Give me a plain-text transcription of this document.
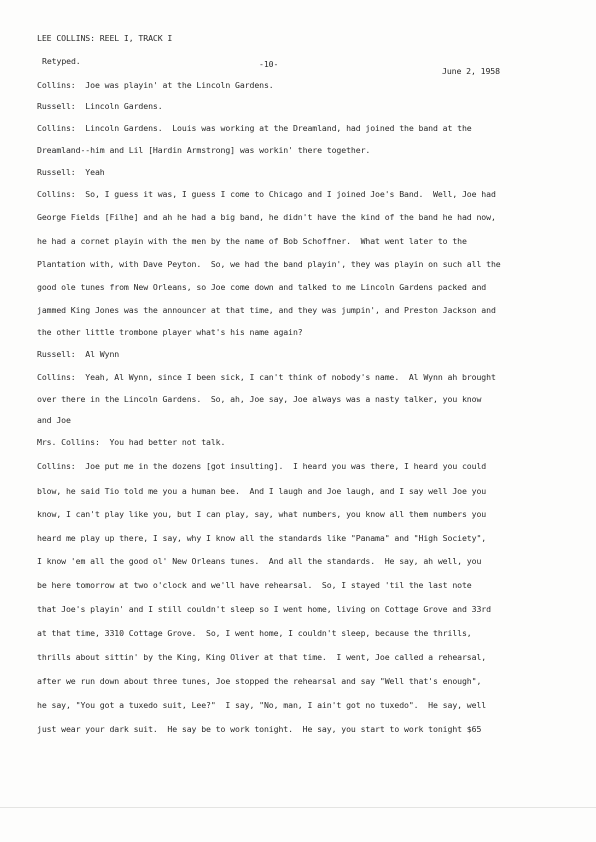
LEE COLLINS: REEL I, TRACK I
Retyped.	-10-
June 2, 1958
Collins:  Joe was playin' at the Lincoln Gardens.
Russell:  Lincoln Gardens.
Collins:  Lincoln Gardens.  Louis was working at the Dreamland, had joined the band at the
Dreamland--him and Lil [Hardin Armstrong] was workin' there together.
Russell:  Yeah
Collins:  So, I guess it was, I guess I come to Chicago and I joined Joe's Band.  Well, Joe had
George Fields [Filhe] and ah he had a big band, he didn't have the kind of the band he had now,
he had a cornet playin with the men by the name of Bob Schoffner.  What went later to the
Plantation with, with Dave Peyton.  So, we had the band playin', they was playin on such all the
good ole tunes from New Orleans, so Joe come down and talked to me Lincoln Gardens packed and
jammed King Jones was the announcer at that time, and they was jumpin', and Preston Jackson and
the other little trombone player what's his name again?
Russell:  Al Wynn
Collins:  Yeah, Al Wynn, since I been sick, I can't think of nobody's name.  Al Wynn ah brought
over there in the Lincoln Gardens.  So, ah, Joe say, Joe always was a nasty talker, you know
and Joe
Mrs. Collins:  You had better not talk.
Collins:  Joe put me in the dozens [got insulting].  I heard you was there, I heard you could
blow, he said Tio told me you a human bee.  And I laugh and Joe laugh, and I say well Joe you
know, I can't play like you, but I can play, say, what numbers, you know all them numbers you
heard me play up there, I say, why I know all the standards like "Panama" and "High Society",
I know 'em all the good ol' New Orleans tunes.  And all the standards.  He say, ah well, you
be here tomorrow at two o'clock and we'll have rehearsal.  So, I stayed 'til the last note
that Joe's playin' and I still couldn't sleep so I went home, living on Cottage Grove and 33rd
at that time, 3310 Cottage Grove.  So, I went home, I couldn't sleep, because the thrills,
thrills about sittin' by the King, King Oliver at that time.  I went, Joe called a rehearsal,
after we run down about three tunes, Joe stopped the rehearsal and say "Well that's enough",
he say, "You got a tuxedo suit, Lee?"  I say, "No, man, I ain't got no tuxedo".  He say, well
just wear your dark suit.  He say be to work tonight.  He say, you start to work tonight $65
